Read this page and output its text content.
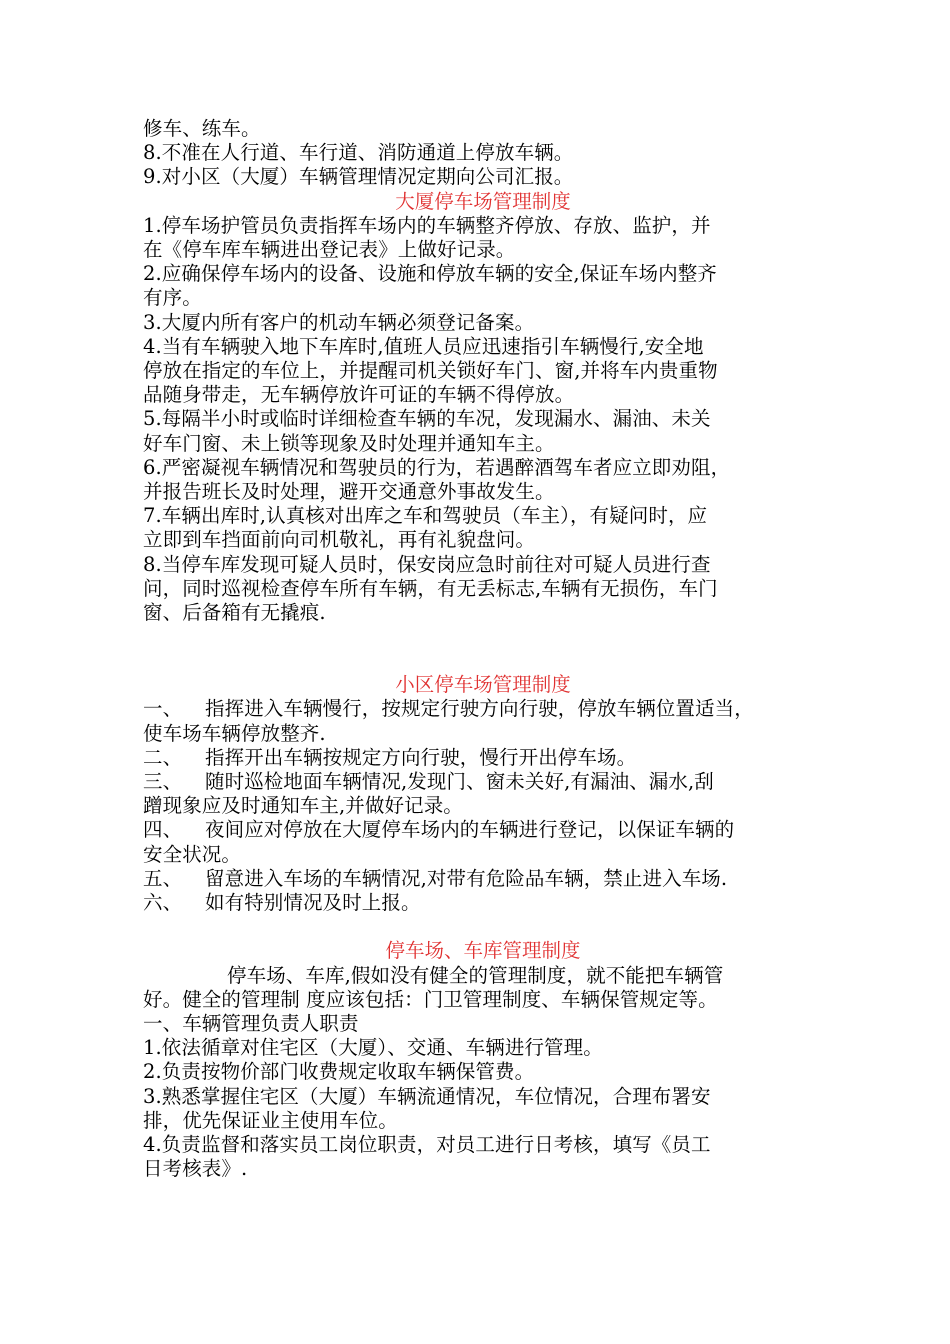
修车、练车。
8.不准在人行道、车行道、消防通道上停放车辆。
9.对小区（大厦）车辆管理情况定期向公司汇报。
大厦停车场管理制度
1.停车场护管员负责指挥车场内的车辆整齐停放、存放、监护，并
在《停车库车辆进出登记表》上做好记录。
2.应确保停车场内的设备、设施和停放车辆的安全,保证车场内整齐
有序。
3.大厦内所有客户的机动车辆必须登记备案。
4.当有车辆驶入地下车库时,值班人员应迅速指引车辆慢行,安全地
停放在指定的车位上，并提醒司机关锁好车门、窗,并将车内贵重物
品随身带走，无车辆停放许可证的车辆不得停放。
5.每隔半小时或临时详细检查车辆的车况，发现漏水、漏油、未关
好车门窗、未上锁等现象及时处理并通知车主。
6.严密凝视车辆情况和驾驶员的行为，若遇醉酒驾车者应立即劝阻，
并报告班长及时处理，避开交通意外事故发生。
7.车辆出库时,认真核对出库之车和驾驶员（车主），有疑问时，应
立即到车挡面前向司机敬礼，再有礼貌盘问。
8.当停车库发现可疑人员时，保安岗应急时前往对可疑人员进行查
问，同时巡视检查停车所有车辆，有无丢标志,车辆有无损伤，车门
窗、后备箱有无撬痕.
小区停车场管理制度
一、 指挥进入车辆慢行，按规定行驶方向行驶，停放车辆位置适当，
使车场车辆停放整齐.
二、 指挥开出车辆按规定方向行驶，慢行开出停车场。
三、 随时巡检地面车辆情况,发现门、窗未关好,有漏油、漏水,刮
蹭现象应及时通知车主,并做好记录。
四、 夜间应对停放在大厦停车场内的车辆进行登记，以保证车辆的
安全状况。
五、 留意进入车场的车辆情况,对带有危险品车辆，禁止进入车场.
六、 如有特别情况及时上报。
停车场、车库管理制度
停车场、车库,假如没有健全的管理制度，就不能把车辆管
好。健全的管理制 度应该包括：门卫管理制度、车辆保管规定等。
一、车辆管理负责人职责
1.依法循章对住宅区（大厦）、交通、车辆进行管理。
2.负责按物价部门收费规定收取车辆保管费。
3.熟悉掌握住宅区（大厦）车辆流通情况，车位情况，合理布署安
排，优先保证业主使用车位。
4.负责监督和落实员工岗位职责，对员工进行日考核，填写《员工
日考核表》.
